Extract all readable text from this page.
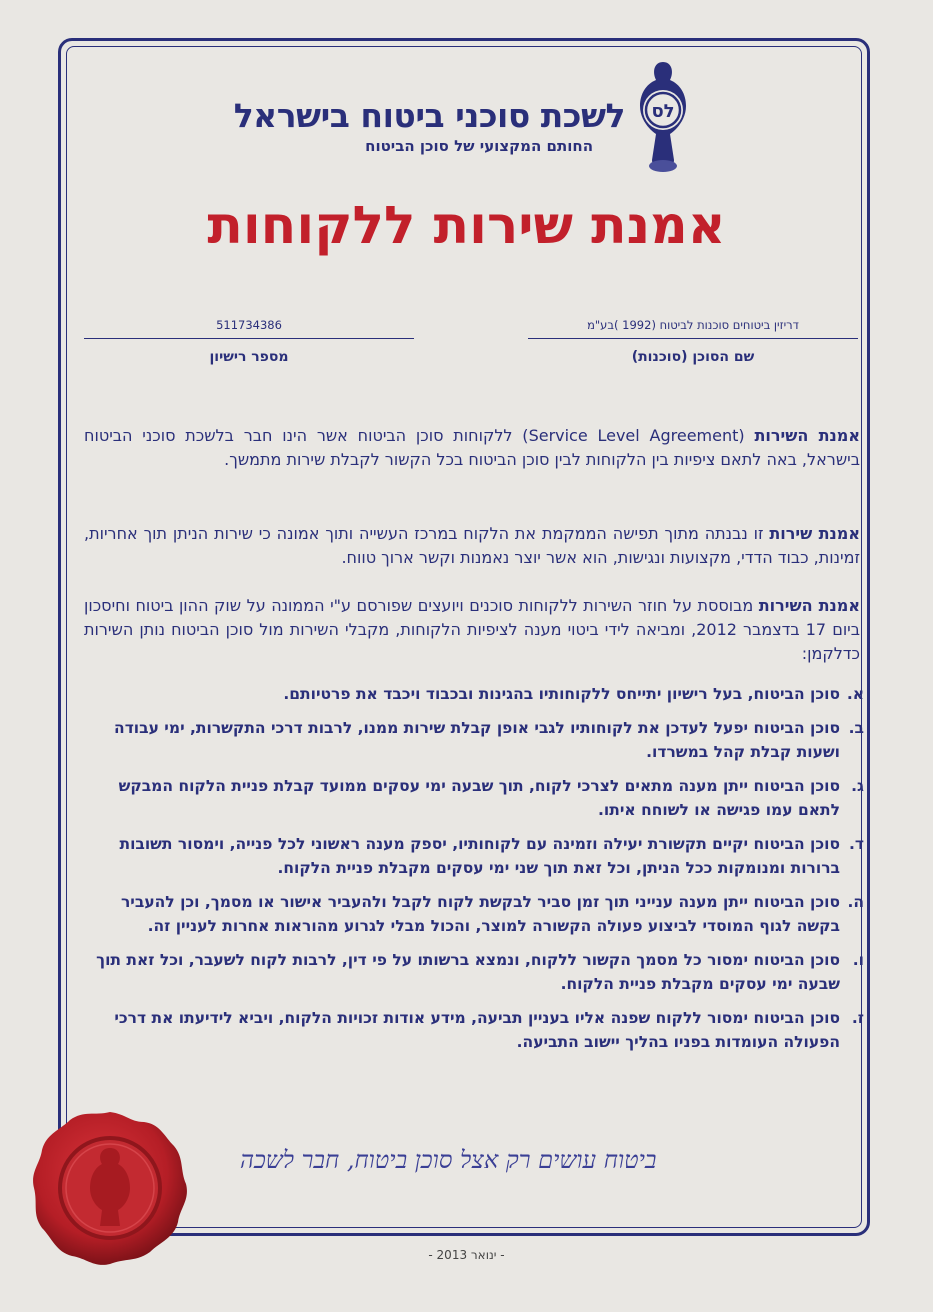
לס
לשכת סוכני ביטוח בישראל
החותם המקצועי של סוכן הביטוח
אמנת שירות ללקוחות
דריזין ביטוחים סוכנות לביטוח (1992 )בע"מ
שם הסוכן (סוכנות)
511734386
מספר רישיון
אמנת השירות (Service Level Agreement) ללקוחות סוכן הביטוח אשר הינו חבר בלשכת סוכני הביטוח בישראל, באה לתאם ציפיות בין הלקוחות לבין סוכן הביטוח בכל הקשור לקבלת שירות מתמשך.
אמנת שירות זו נבנתה מתוך תפישה הממקמת את הלקוח במרכז העשייה ותוך אמונה כי שירות הניתן תוך אחריות, זמינות, כבוד הדדי, מקצועות ונגישות, הוא אשר יוצר נאמנות וקשר ארוך טווח.
אמנת השירות מבוססת על חוזר השירות ללקוחות סוכנים ויועצים שפורסם ע"י הממונה על שוק ההון ביטוח וחיסכון ביום 17 בדצמבר 2012, ומביאה לידי ביטוי מענה לציפיות הלקוחות, מקבלי השירות מול סוכן הביטוח נותן השירות כדלקמן:
א.
סוכן הביטוח, בעל רישיון יתייחס ללקוחותיו בהגינות ובכבוד ויכבד את פרטיותם.
ב.
סוכן הביטוח יפעל לעדכן את לקוחותיו לגבי אופן קבלת שירות ממנו, לרבות דרכי התקשרות, ימי עבודה ושעות קבלת קהל במשרדו.
ג.
סוכן הביטוח ייתן מענה מתאים לצרכי לקוח, תוך שבעה ימי עסקים ממועד קבלת פניית הלקוח המבקש לתאם עמו פגישה או לשוחח איתו.
ד.
סוכן הביטוח יקיים תקשורת יעילה וזמינה עם לקוחותיו, יספק מענה ראשוני לכל פנייה, וימסור תשובות ברורות ומנומקות ככל הניתן, וכל זאת תוך שני ימי עסקים מקבלת פניית הלקוח.
ה.
סוכן הביטוח ייתן מענה ענייני תוך זמן סביר לבקשת לקוח לקבל ולהעביר אישור או מסמך, וכן להעביר בקשה לגוף המוסדי לביצוע פעולה הקשורה למוצר, והכול מבלי לגרוע מהוראות אחרות לעניין זה.
ו.
סוכן הביטוח ימסור כל מסמך הקשור ללקוח, ונמצא ברשותו על פי דין, לרבות לקוח לשעבר, וכל זאת תוך שבעה ימי עסקים מקבלת פניית הלקוח.
ז.
סוכן הביטוח ימסור ללקוח שפנה אליו בעניין תביעה, מידע אודות זכויות הלקוח, ויביא לידיעתו את דרכי הפעולה העומדות בפניו בהליך יישוב התביעה.
ביטוח עושים רק אצל סוכן ביטוח, חבר לשכה
- ינואר 2013 -
